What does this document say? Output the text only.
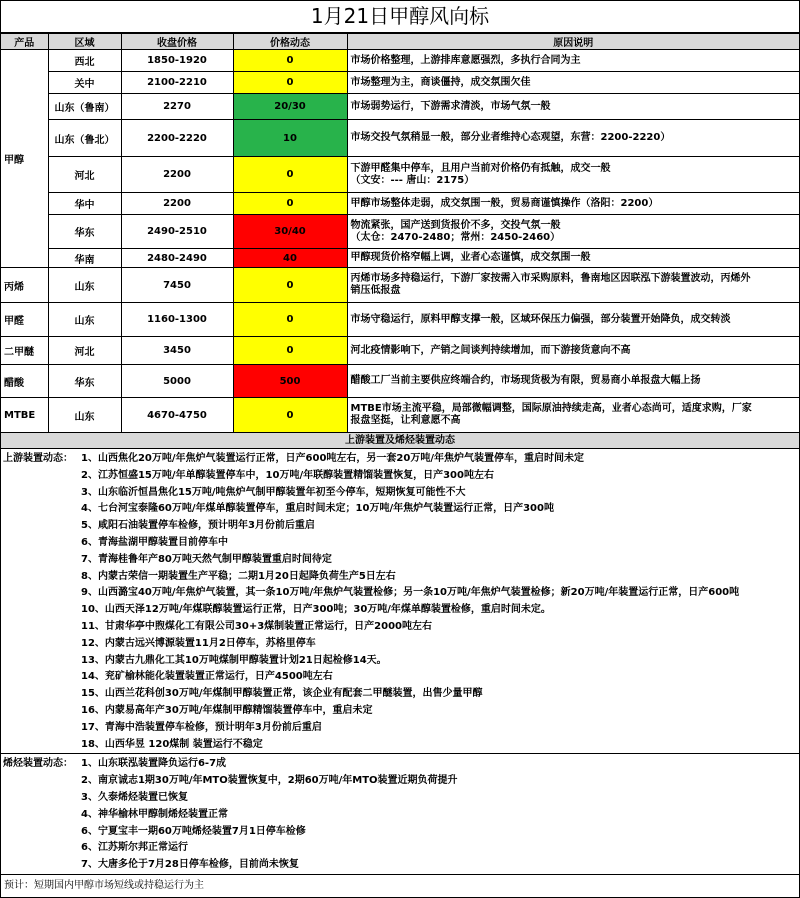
1月21日甲醇风向标
产品	区域	收盘价格	价格动态	原因说明
甲醇	西北	1850-1920	0	市场价格整理，上游排库意愿强烈，多执行合同为主
	关中	2100-2210	0	市场整理为主，商谈僵持，成交氛围欠佳
	山东（鲁南）	2270	20/30	市场弱势运行，下游需求清淡，市场气氛一般
	山东（鲁北）	2200-2220	10	市场交投气氛稍显一般，部分业者维持心态观望，东营：2200-2220）
	河北	2200	0	下游甲醛集中停车，且用户当前对价格仍有抵触，成交一般
（文安：--- 唐山：2175）

	华中	2200	0	甲醇市场整体走弱，成交氛围一般，贸易商谨慎操作（洛阳：2200）
	华东	2490-2510	30/40	物流紧张，国产送到货报价不多，交投气氛一般
（太仓：2470-2480；常州：2450-2460）

	华南	2480-2490	40	甲醇现货价格窄幅上调，业者心态谨慎，成交氛围一般
丙烯	山东	7450	0	丙烯市场多持稳运行，下游厂家按需入市采购原料，鲁南地区因联泓下游装置波动，丙烯外
销压低报盘

甲醛	山东	1160-1300	0	市场守稳运行，原料甲醇支撑一般，区域环保压力偏强，部分装置开始降负，成交转淡
二甲醚	河北	3450	0	河北疫情影响下，产销之间谈判持续增加，而下游接货意向不高
醋酸	华东	5000	500	醋酸工厂当前主要供应终端合约，市场现货极为有限，贸易商小单报盘大幅上扬
MTBE	山东	4670-4750	0	MTBE市场主流平稳，局部微幅调整，国际原油持续走高，业者心态尚可，适度求购，厂家
报盘坚挺，让利意愿不高
上游装置及烯烃装置动态
上游装置动态： 1、山西焦化20万吨/年焦炉气装置运行正常，日产600吨左右，另一套20万吨/年焦炉气装置停车，重启时间未定
2、江苏恒盛15万吨/年单醇装置停车中，10万吨/年联醇装置精馏装置恢复，日产300吨左右
3、山东临沂恒昌焦化15万吨/吨焦炉气制甲醇装置年初至今停车，短期恢复可能性不大
4、七台河宝泰隆60万吨/年煤单醇装置停车，重启时间未定；10万吨/年焦炉气装置运行正常，日产300吨
5、咸阳石油装置停车检修，预计明年3月份前后重启
6、青海盐湖甲醇装置目前停车中
7、青海桂鲁年产80万吨天然气制甲醇装置重启时间待定
8、内蒙古荣信一期装置生产平稳；二期1月20日起降负荷生产5日左右
9、山西潞宝40万吨/年焦炉气装置，其一条10万吨/年焦炉气装置检修；另一条10万吨/年焦炉气装置检修；新20万吨/年装置运行正常，日产600吨
10、山西天泽12万吨/年煤联醇装置运行正常，日产300吨；30万吨/年煤单醇装置检修，重启时间未定。
11、甘肃华亭中煦煤化工有限公司30+3煤制装置正常运行，日产2000吨左右
12、内蒙古远兴博源装置11月2日停车，苏格里停车
13、内蒙古九鼎化工其10万吨煤制甲醇装置计划21日起检修14天。
14、兖矿榆林能化装置装置正常运行，日产4500吨左右
15、山西兰花科创30万吨/年煤制甲醇装置正常，该企业有配套二甲醚装置，出售少量甲醇
16、内蒙易高年产30万吨/年煤制甲醇精馏装置停车中，重启未定
17、青海中浩装置停车检修，预计明年3月份前后重启
18、山西华昱 120煤制 装置运行不稳定
烯烃装置动态： 1、山东联泓装置降负运行6-7成
2、南京诚志1期30万吨/年MTO装置恢复中，2期60万吨/年MTO装置近期负荷提升
3、久泰烯烃装置已恢复
4、神华榆林甲醇制烯烃装置正常
6、宁夏宝丰一期60万吨烯烃装置7月1日停车检修
6、江苏斯尔邦正常运行
7、大唐多伦于7月28日停车检修，目前尚未恢复
预计：短期国内甲醇市场短线或持稳运行为主
